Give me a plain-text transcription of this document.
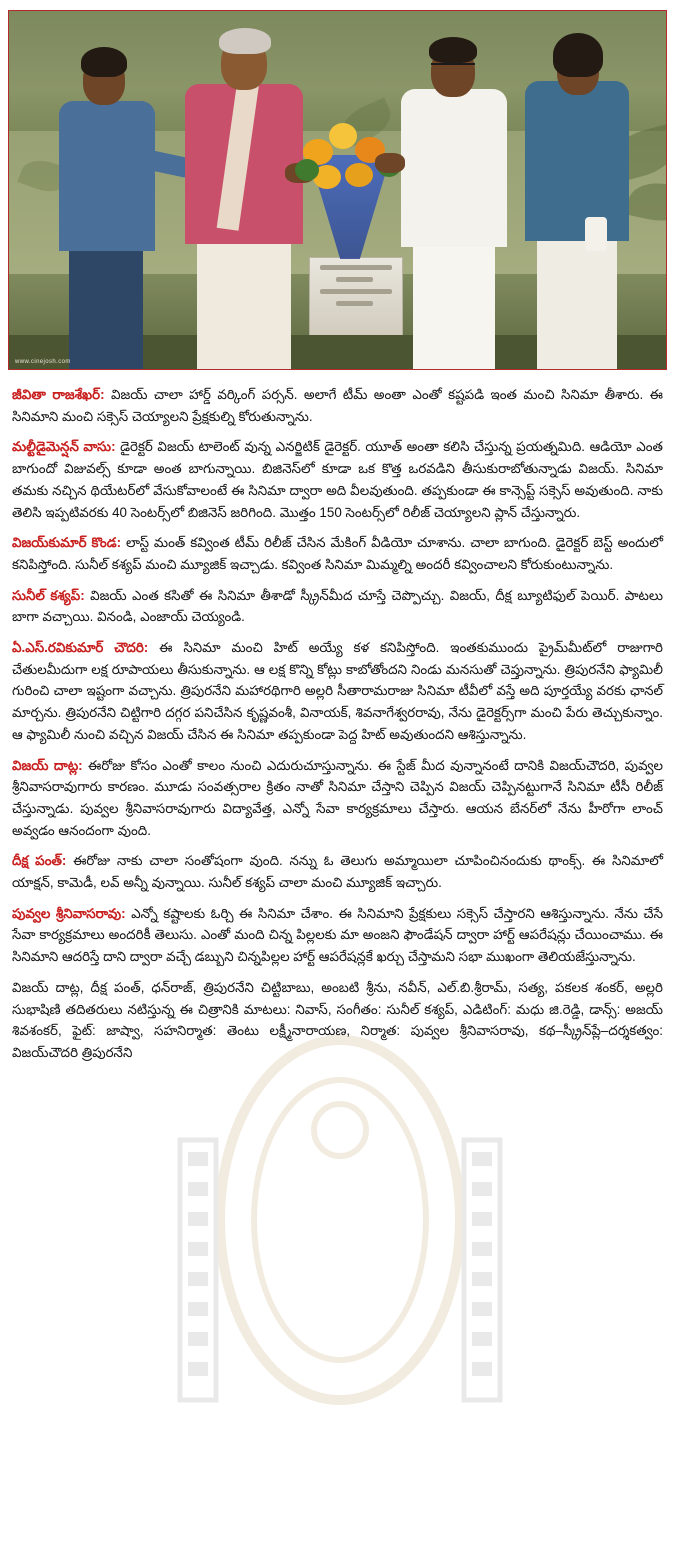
www.cinejosh.com

జీవితా రాజశేఖర్: విజయ్ చాలా హార్డ్ వర్కింగ్ పర్సన్. అలాగే టీమ్ అంతా ఎంతో కష్టపడి ఇంత మంచి సినిమా తీశారు. ఈ సినిమాని మంచి సక్సెస్ చెయ్యాలని ప్రేక్షకుల్ని కోరుతున్నాను.

మల్టీడైమెన్షన్ వాసు: డైరెక్టర్ విజయ్ టాలెంట్ వున్న ఎనర్జిటిక్ డైరెక్టర్. యూత్ అంతా కలిసి చేస్తున్న ప్రయత్నమిది. ఆడియో ఎంత బాగుందో విజువల్స్ కూడా అంత బాగున్నాయి. బిజినెస్‌లో కూడా ఒక కొత్త ఒరవడిని తీసుకురాబోతున్నాడు విజయ్. సినిమా తమకు నచ్చిన థియేటర్‌లో వేసుకోవాలంటే ఈ సినిమా ద్వారా అది వీలవుతుంది. తప్పకుండా ఈ కాన్సెప్ట్ సక్సెస్ అవుతుంది. నాకు తెలిసి ఇప్పటివరకు 40 సెంటర్స్‌లో బిజినెస్ జరిగింది. మొత్తం 150 సెంటర్స్‌లో రిలీజ్ చెయ్యాలని ప్లాన్ చేస్తున్నారు.

విజయ్‌కుమార్ కొండ: లాస్ట్ మంత్ కవ్వింత టీమ్ రిలీజ్ చేసిన మేకింగ్ వీడియో చూశాను. చాలా బాగుంది. డైరెక్టర్ బెస్ట్ అందులో కనిపిస్తోంది. సునీల్ కశ్యప్ మంచి మ్యూజిక్ ఇచ్చాడు. కవ్వింత సినిమా మిమ్మల్ని అందరీ కవ్వించాలని కోరుకుంటున్నాను.

సునీల్ కశ్యప్: విజయ్ ఎంత కసితో ఈ సినిమా తీశాడో స్క్రీన్‌మీద చూస్తే చెప్పొచ్చు. విజయ్, దీక్ష బ్యూటిఫుల్ పెయిర్. పాటలు బాగా వచ్చాయి. వినండి, ఎంజాయ్ చెయ్యండి.

ఏ.ఎస్.రవికుమార్ చౌదరి: ఈ సినిమా మంచి హిట్ అయ్యే కళ కనిపిస్తోంది. ఇంతకుముందు ప్రైమ్‌మీట్‌లో రాజుగారి చేతులమీదుగా లక్ష రూపాయలు తీసుకున్నాను. ఆ లక్ష కొన్ని కోట్లు కాబోతోందని నిండు మనసుతో చెప్తున్నాను. త్రిపురనేని ఫ్యామిలీ గురించి చాలా ఇష్టంగా వచ్చాను. త్రిపురనేని మహారథిగారి అల్లరి సీతారామరాజు సినిమా టీవీలో వస్తే అది పూర్తయ్యే వరకు ఛానల్ మార్చను. త్రిపురనేని చిట్టిగారి దగ్గర పనిచేసిన కృష్ణవంశీ, వినాయక్, శివనాగేశ్వరరావు, నేను డైరెక్టర్స్‌గా మంచి పేరు తెచ్చుకున్నాం. ఆ ఫ్యామిలీ నుంచి వచ్చిన విజయ్ చేసిన ఈ సినిమా తప్పకుండా పెద్ద హిట్ అవుతుందని ఆశిస్తున్నాను.

విజయ్ దాట్ల: ఈరోజు కోసం ఎంతో కాలం నుంచి ఎదురుచూస్తున్నాను. ఈ స్టేజ్ మీద వున్నానంటే దానికి విజయ్‌చౌదరి, పువ్వల శ్రీనివాసరావుగారు కారణం. మూడు సంవత్సరాల క్రితం నాతో సినిమా చేస్తాని చెప్పిన విజయ్ చెప్పినట్టుగానే సినిమా టీసీ రిలీజ్ చేస్తున్నాడు. పువ్వల శ్రీనివాసరావుగారు విద్యావేత్త, ఎన్నో సేవా కార్యక్రమాలు చేస్తారు. ఆయన బేనర్‌లో నేను హీరోగా లాంచ్ అవ్వడం ఆనందంగా వుంది.

దీక్ష పంత్: ఈరోజు నాకు చాలా సంతోషంగా వుంది. నన్ను ఓ తెలుగు అమ్మాయిలా చూపించినందుకు థాంక్స్. ఈ సినిమాలో యాక్షన్, కామెడీ, లవ్ అన్నీ వున్నాయి. సునీల్ కశ్యప్ చాలా మంచి మ్యూజిక్ ఇచ్చారు.

పువ్వల శ్రీనివాసరావు: ఎన్నో కష్టాలకు ఓర్చి ఈ సినిమా చేశాం. ఈ సినిమాని ప్రేక్షకులు సక్సెస్ చేస్తారని ఆశిస్తున్నాను. నేను చేసే సేవా కార్యక్రమాలు అందరికీ తెలుసు. ఎంతో మంది చిన్న పిల్లలకు మా అంజని ఫౌండేషన్ ద్వారా హార్ట్ ఆపరేషన్లు చేయించాము. ఈ సినిమాని ఆదరిస్తే దాని ద్వారా వచ్చే డబ్బుని చిన్నపిల్లల హార్ట్ ఆపరేషన్లకే ఖర్చు చేస్తామని సభా ముఖంగా తెలియజేస్తున్నాను.

విజయ్ దాట్ల, దీక్ష పంత్, ధన్‌రాజ్, త్రిపురనేని చిట్టిబాబు, అంబటి శ్రీను, నవీన్, ఎల్.బి.శ్రీరామ్, సత్య, పకలక శంకర్, అల్లరి సుభాషిణి తదితరులు నటిస్తున్న ఈ చిత్రానికి మాటలు: నివాస్, సంగీతం: సునీల్ కశ్యప్, ఎడిటింగ్: మధు జి.రెడ్డి, డాన్స్: అజయ్ శివశంకర్, ఫైట్: జాష్వా, సహనిర్మాత: తెంటు లక్ష్మీనారాయణ, నిర్మాత: పువ్వల శ్రీనివాసరావు, కథ–స్క్రీన్‌ప్లే–దర్శకత్వం: విజయ్‌చౌదరి త్రిపురనేని
